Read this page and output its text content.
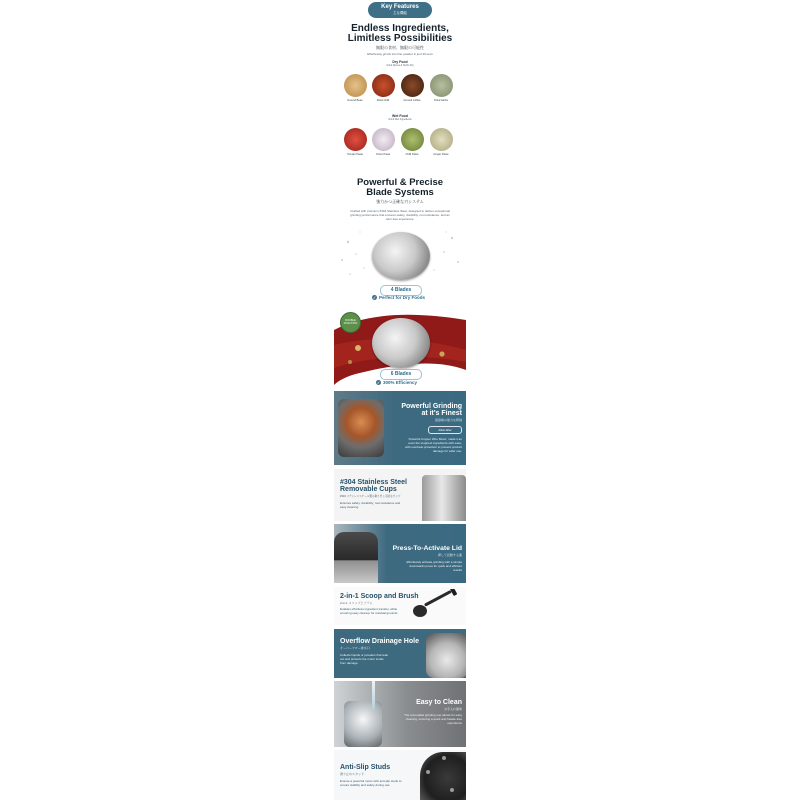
Key Features
主な機能
Endless Ingredients,
Limitless Possibilities
無限の食材、無限の可能性
Effortlessly grinds into fine powder in just 30 secs
Dry Food
Grind Spices & Herbs Dry
Ground Bean	Dried Chilli	Ground Coffee	Dried Herbs
Wet Food
Grind Wet Ingredients
Tomato Paste	Onion Paste	Chilli Paste	Ginger Paste
Powerful & Precise
Blade Systems
強力かつ正確な刃システム
Crafted with premium #304 Stainless Steel, designed to deliver exceptional grinding performance that ensures safety, durability, rust resistance, and an odor-free experience.
4 Blades
✓ Perfect for Dry Foods
DOUBLE FUNCTION
6 Blades
✓ 300% Efficiency
Powerful Grinding
at it's Finest
最高峰の強力な研削
Allow After
Powerful Copper Wire Motor, made it an even the toughest ingredients with ease, with overheat protection to prevent product damage for safer use.
#304 Stainless Steel
Removable Cups
#304 ステンレススチール製の取り外し可能なカップ
Ensures safety, durability, rust resistance and easy cleaning
Press-To-Activate Lid
押して起動する蓋
Effortlessly activate grinding with a simple downwards press for quick and efficient results
2-in-1 Scoop and Brush
2-in-1 スコップとブラシ
Enables effortless ingredient transfer, while ensuring easy cleanup for residual grounds
Overflow Drainage Hole
オーバーフロー排水口
Collects liquids or powders that leak out and protects the motor inside from damage
Easy to Clean
お手入れ簡単
The removable grinding cup allows for easy cleaning, ensuring a quick and hassle-free experience
Anti-Slip Studs
滑り止めスタッド
Ensure a powerful motor with anti-slip studs to ensure stability and safety during use
